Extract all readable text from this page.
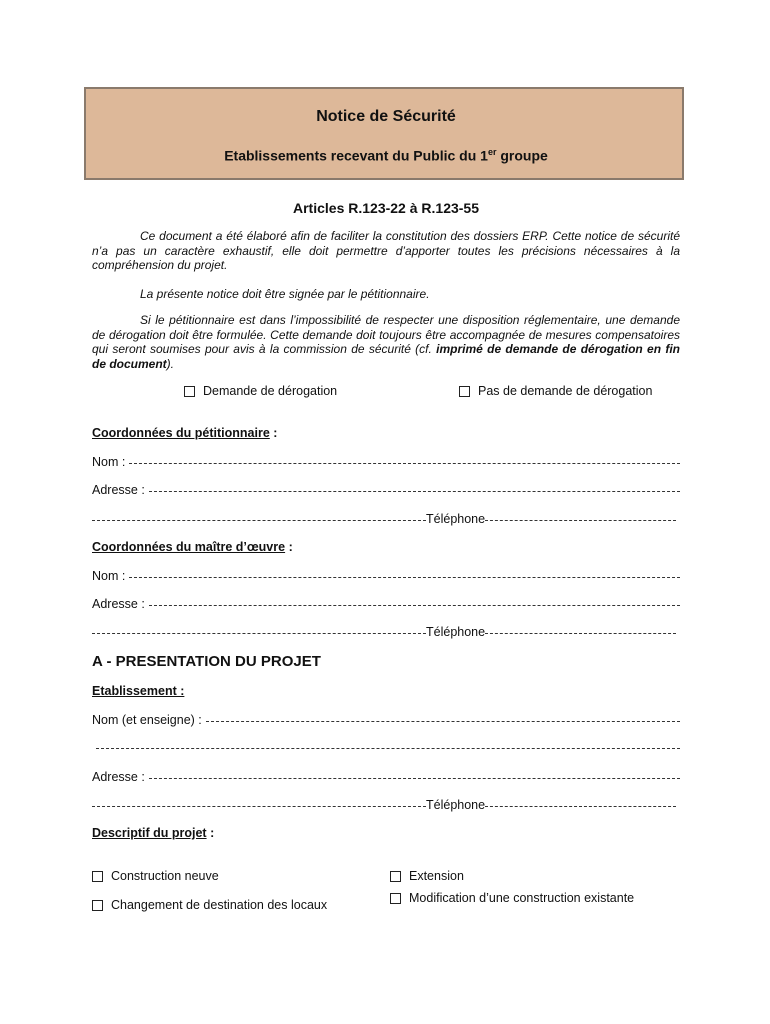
Notice de Sécurité
Etablissements recevant du Public du 1er groupe
Articles R.123-22 à R.123-55
Ce document a été élaboré afin de faciliter la constitution des dossiers ERP. Cette notice de sécurité n’a pas un caractère exhaustif, elle doit permettre d’apporter toutes les précisions nécessaires à la compréhension du projet.
La présente notice doit être signée par le pétitionnaire.
Si le pétitionnaire est dans l’impossibilité de respecter une disposition réglementaire, une demande de dérogation doit être formulée. Cette demande doit toujours être accompagnée de mesures compensatoires qui seront soumises pour avis à la commission de sécurité (cf. imprimé de demande de dérogation en fin de document).
Demande de dérogation	Pas de demande de dérogation
Coordonnées du pétitionnaire :
Nom :
Adresse :
Téléphone
Coordonnées du maître d’œuvre :
Nom :
Adresse :
Téléphone
A - PRESENTATION DU PROJET
Etablissement :
Nom (et enseigne) :
Adresse :
Téléphone
Descriptif du projet :
Construction neuve	Extension
Changement de destination des locaux	Modification d’une construction existante
